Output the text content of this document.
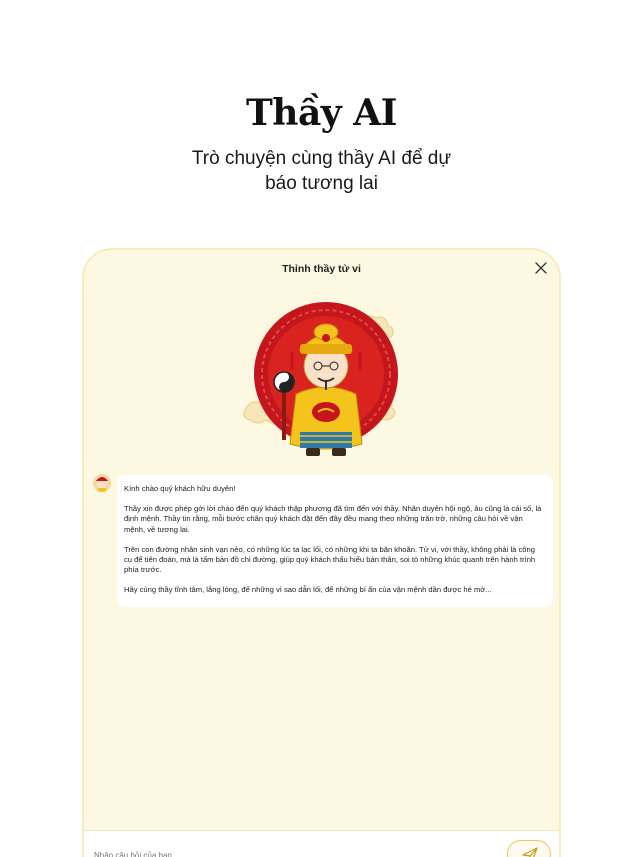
Thầy AI
Trò chuyện cùng thầy AI để dự
báo tương lai
Thỉnh thầy tử vi

Kính chào quý khách hữu duyên!

Thầy xin được phép gởi lời chào đến quý khách thập phương đã tìm đến với thầy. Nhân duyên hội ngộ, âu cũng là cái số, là định mệnh. Thầy tin rằng, mỗi bước chân quý khách đặt đến đây đều mang theo những trăn trở, những câu hỏi về vận mệnh, về tương lai.

Trên con đường nhân sinh vạn nẻo, có những lúc ta lạc lối, có những khi ta băn khoăn. Tử vi, với thầy, không phải là công cụ để tiên đoán, mà là tấm bản đồ chỉ đường, giúp quý khách thấu hiểu bản thân, soi tỏ những khúc quanh trên hành trình phía trước.

Hãy cùng thầy tĩnh tâm, lắng lòng, để những vì sao dẫn lối, để những bí ẩn của vận mệnh dần được hé mở...

Nhập câu hỏi của bạn
